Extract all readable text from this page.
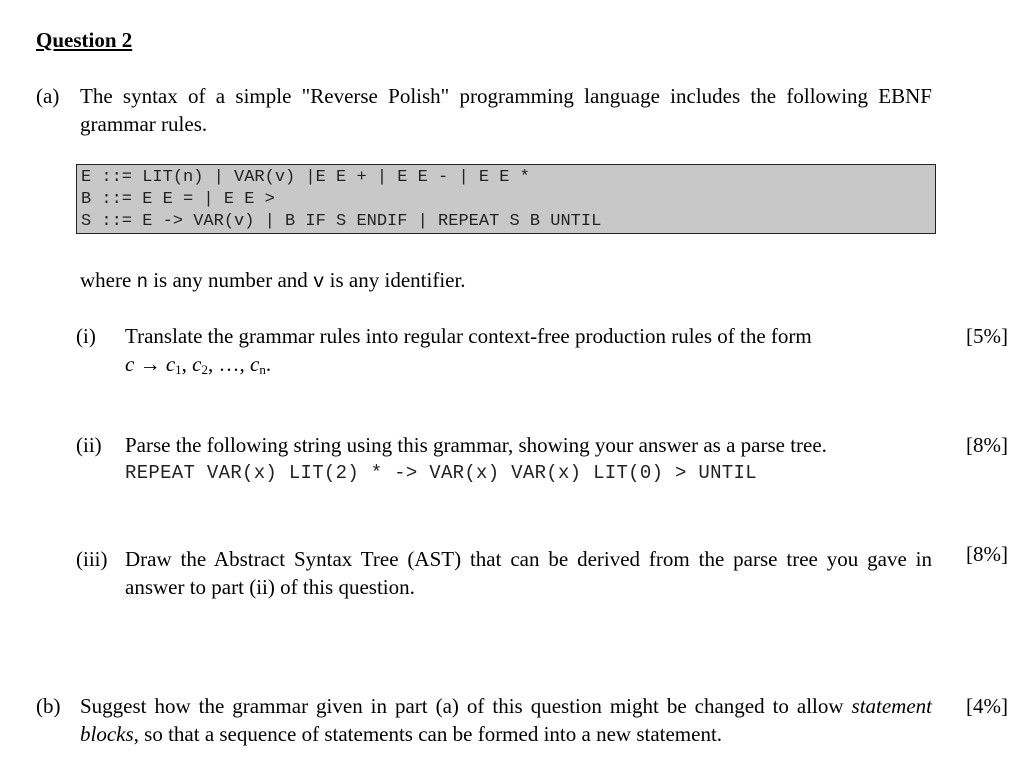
Question 2
(a) The syntax of a simple "Reverse Polish" programming language includes the following EBNF grammar rules.
E ::= LIT(n) | VAR(v) |E E + | E E - | E E *
B ::= E E = | E E >
S ::= E -> VAR(v) | B IF S ENDIF | REPEAT S B UNTIL
where n is any number and v is any identifier.
(i) Translate the grammar rules into regular context-free production rules of the form
$c \to c_1$, $c_2$, …, $c_n$.
[5%]
(ii) Parse the following string using this grammar, showing your answer as a parse tree.
REPEAT VAR(x) LIT(2) * -> VAR(x) VAR(x) LIT(0) > UNTIL
[8%]
(iii) Draw the Abstract Syntax Tree (AST) that can be derived from the parse tree you gave in answer to part (ii) of this question.
[8%]
(b) Suggest how the grammar given in part (a) of this question might be changed to allow statement blocks, so that a sequence of statements can be formed into a new statement.
[4%]
